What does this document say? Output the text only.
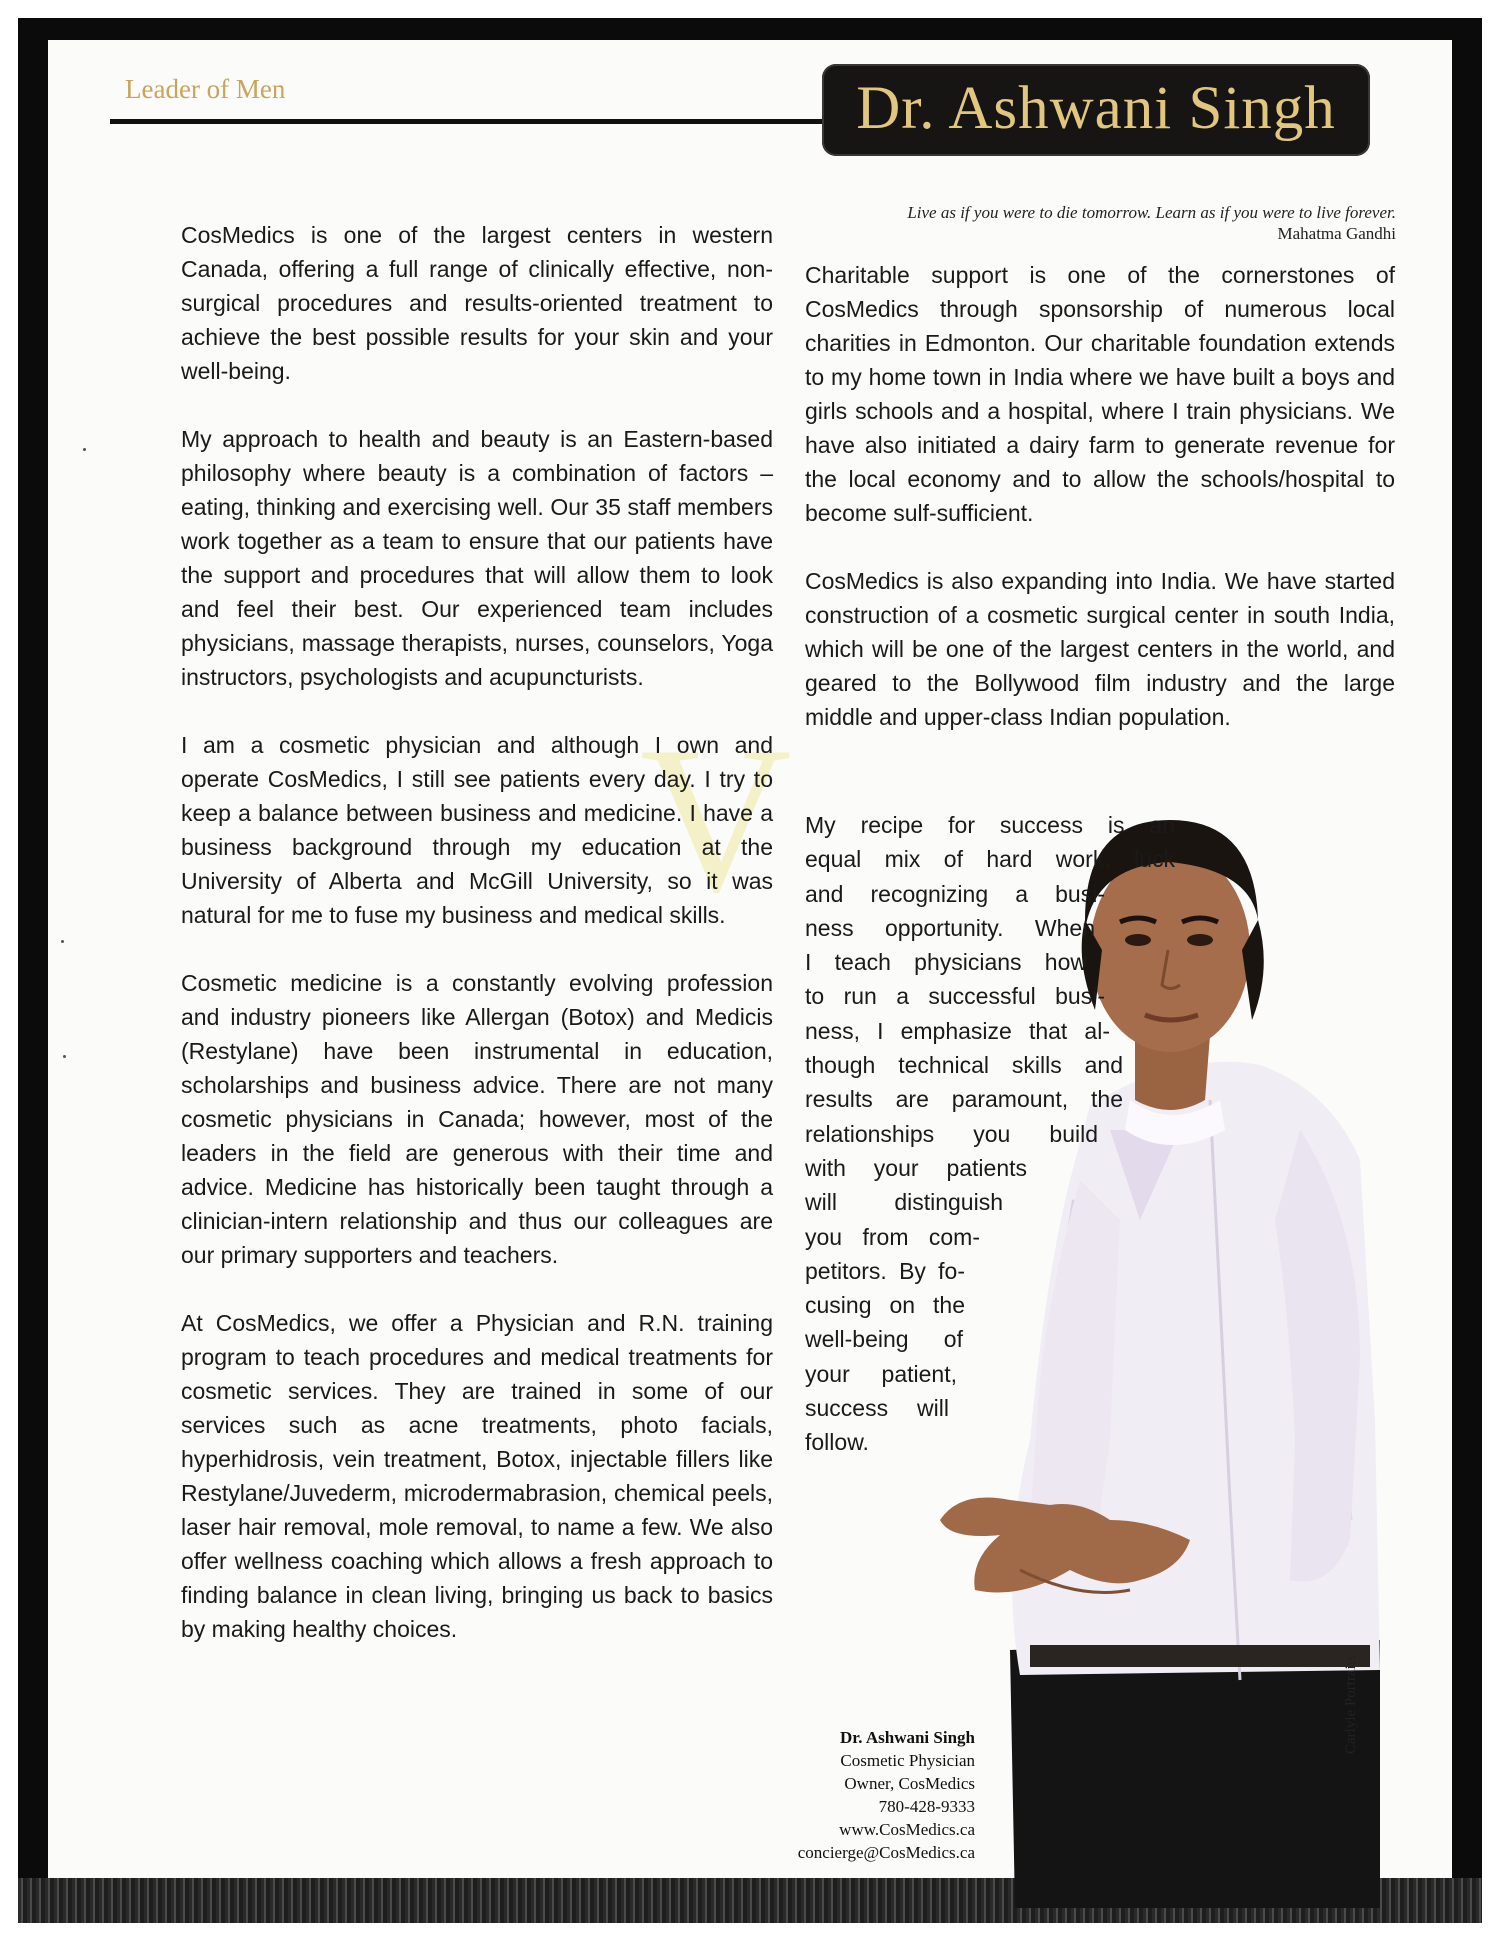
Leader of Men	Dr. Ashwani Singh
V
Live as if you were to die tomorrow. Learn as if you were to live forever.
Mahatma Gandhi

CosMedics is one of the largest centers in western Canada, offering a full range of clinically effective, non-surgical procedures and results-oriented treatment to achieve the best possible results for your skin and your well-being.

My approach to health and beauty is an Eastern-based philosophy where beauty is a combination of factors – eating, thinking and exercising well. Our 35 staff members work together as a team to ensure that our patients have the support and procedures that will allow them to look and feel their best. Our experienced team includes physicians, massage therapists, nurses, counselors, Yoga instructors, psychologists and acupuncturists.

I am a cosmetic physician and although I own and operate CosMedics, I still see patients every day. I try to keep a balance between business and medicine. I have a business background through my education at the University of Alberta and McGill University, so it was natural for me to fuse my business and medical skills.

Cosmetic medicine is a constantly evolving profession and industry pioneers like Allergan (Botox) and Medicis (Restylane) have been instrumental in education, scholarships and business advice. There are not many cosmetic physicians in Canada; however, most of the leaders in the field are generous with their time and advice. Medicine has historically been taught through a clinician-intern relationship and thus our colleagues are our primary supporters and teachers.

At CosMedics, we offer a Physician and R.N. training program to teach procedures and medical treatments for cosmetic services. They are trained in some of our services such as acne treatments, photo facials, hyperhidrosis, vein treatment, Botox, injectable fillers like Restylane/Juvederm, microdermabrasion, chemical peels, laser hair removal, mole removal, to name a few. We also offer wellness coaching which allows a fresh approach to finding balance in clean living, bringing us back to basics by making healthy choices.

Charitable support is one of the cornerstones of CosMedics through sponsorship of numerous local charities in Edmonton. Our charitable foundation extends to my home town in India where we have built a boys and girls schools and a hospital, where I train physicians. We have also initiated a dairy farm to generate revenue for the local economy and to allow the schools/hospital to become sulf-sufficient.

CosMedics is also expanding into India. We have started construction of a cosmetic surgical center in south India, which will be one of the largest centers in the world, and geared to the Bollywood film industry and the large middle and upper-class Indian population.

My recipe for success is an
equal mix of hard work, luck
and recognizing a busi-
ness opportunity. When
I teach physicians how
to run a successful busi-
ness, I emphasize that al-
though technical skills and
results are paramount, the
relationships you build
with your patients
will distinguish
you from com-
petitors. By fo-
cusing on the
well-being of
your patient,
success will
follow.
Dr. Ashwani Singh
Cosmetic Physician
Owner, CosMedics
780-428-9333
www.CosMedics.ca
concierge@CosMedics.ca
Carlyle Portraits
